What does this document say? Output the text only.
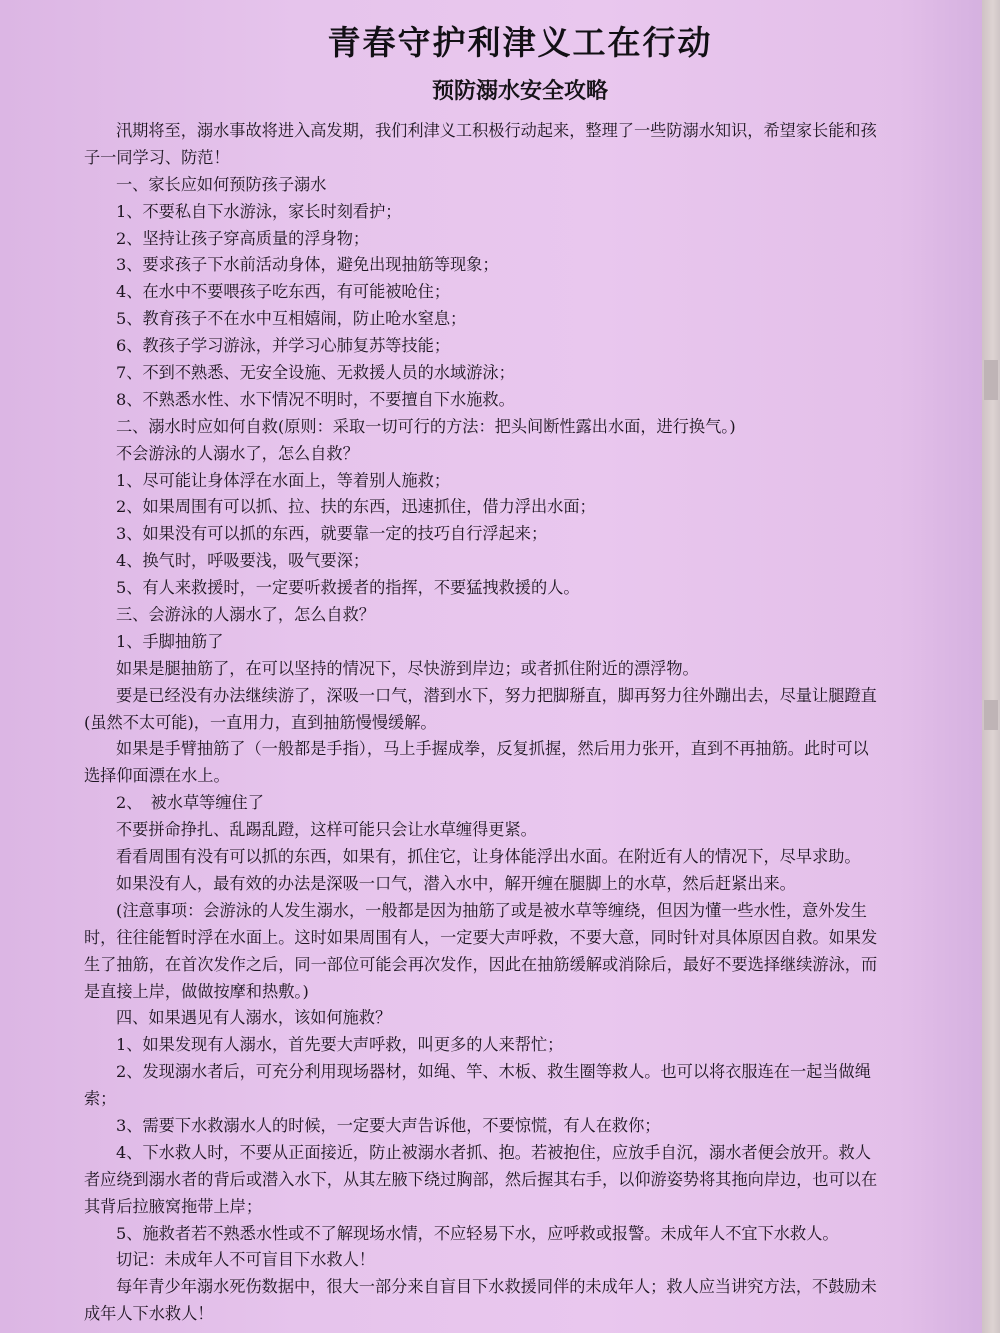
青春守护利津义工在行动
预防溺水安全攻略

汛期将至，溺水事故将进入高发期，我们利津义工积极行动起来，整理了一些防溺水知识，希望家长能和孩

子一同学习、防范！

一、家长应如何预防孩子溺水

1、不要私自下水游泳，家长时刻看护；

2、坚持让孩子穿高质量的浮身物；

3、要求孩子下水前活动身体，避免出现抽筋等现象；

4、在水中不要喂孩子吃东西，有可能被呛住；

5、教育孩子不在水中互相嬉闹，防止呛水窒息；

6、教孩子学习游泳，并学习心肺复苏等技能；

7、不到不熟悉、无安全设施、无救援人员的水域游泳；

8、不熟悉水性、水下情况不明时，不要擅自下水施救。

二、溺水时应如何自救(原则：采取一切可行的方法：把头间断性露出水面，进行换气。)

不会游泳的人溺水了，怎么自救？

1、尽可能让身体浮在水面上，等着别人施救；

2、如果周围有可以抓、拉、扶的东西，迅速抓住，借力浮出水面；

3、如果没有可以抓的东西，就要靠一定的技巧自行浮起来；

4、换气时，呼吸要浅，吸气要深；

5、有人来救援时，一定要听救援者的指挥，不要猛拽救援的人。

三、会游泳的人溺水了，怎么自救？

1、手脚抽筋了

如果是腿抽筋了，在可以坚持的情况下，尽快游到岸边；或者抓住附近的漂浮物。

要是已经没有办法继续游了，深吸一口气，潜到水下，努力把脚掰直，脚再努力往外蹦出去，尽量让腿蹬直

(虽然不太可能)，一直用力，直到抽筋慢慢缓解。

如果是手臂抽筋了（一般都是手指），马上手握成拳，反复抓握，然后用力张开，直到不再抽筋。此时可以

选择仰面漂在水上。

2、　被水草等缠住了

不要拼命挣扎、乱踢乱蹬，这样可能只会让水草缠得更紧。

看看周围有没有可以抓的东西，如果有，抓住它，让身体能浮出水面。在附近有人的情况下，尽早求助。

如果没有人，最有效的办法是深吸一口气，潜入水中，解开缠在腿脚上的水草，然后赶紧出来。

(注意事项：会游泳的人发生溺水，一般都是因为抽筋了或是被水草等缠绕，但因为懂一些水性，意外发生

时，往往能暂时浮在水面上。这时如果周围有人，一定要大声呼救，不要大意，同时针对具体原因自救。如果发

生了抽筋，在首次发作之后，同一部位可能会再次发作，因此在抽筋缓解或消除后，最好不要选择继续游泳，而

是直接上岸，做做按摩和热敷。)

四、如果遇见有人溺水，该如何施救？

1、如果发现有人溺水，首先要大声呼救，叫更多的人来帮忙；

2、发现溺水者后，可充分利用现场器材，如绳、竿、木板、救生圈等救人。也可以将衣服连在一起当做绳

索；

3、需要下水救溺水人的时候，一定要大声告诉他，不要惊慌，有人在救你；

4、下水救人时，不要从正面接近，防止被溺水者抓、抱。若被抱住，应放手自沉，溺水者便会放开。救人

者应绕到溺水者的背后或潜入水下，从其左腋下绕过胸部，然后握其右手，以仰游姿势将其拖向岸边，也可以在

其背后拉腋窝拖带上岸；

5、施救者若不熟悉水性或不了解现场水情，不应轻易下水，应呼救或报警。未成年人不宜下水救人。

切记：未成年人不可盲目下水救人！

每年青少年溺水死伤数据中，很大一部分来自盲目下水救援同伴的未成年人；救人应当讲究方法，不鼓励未

成年人下水救人！
